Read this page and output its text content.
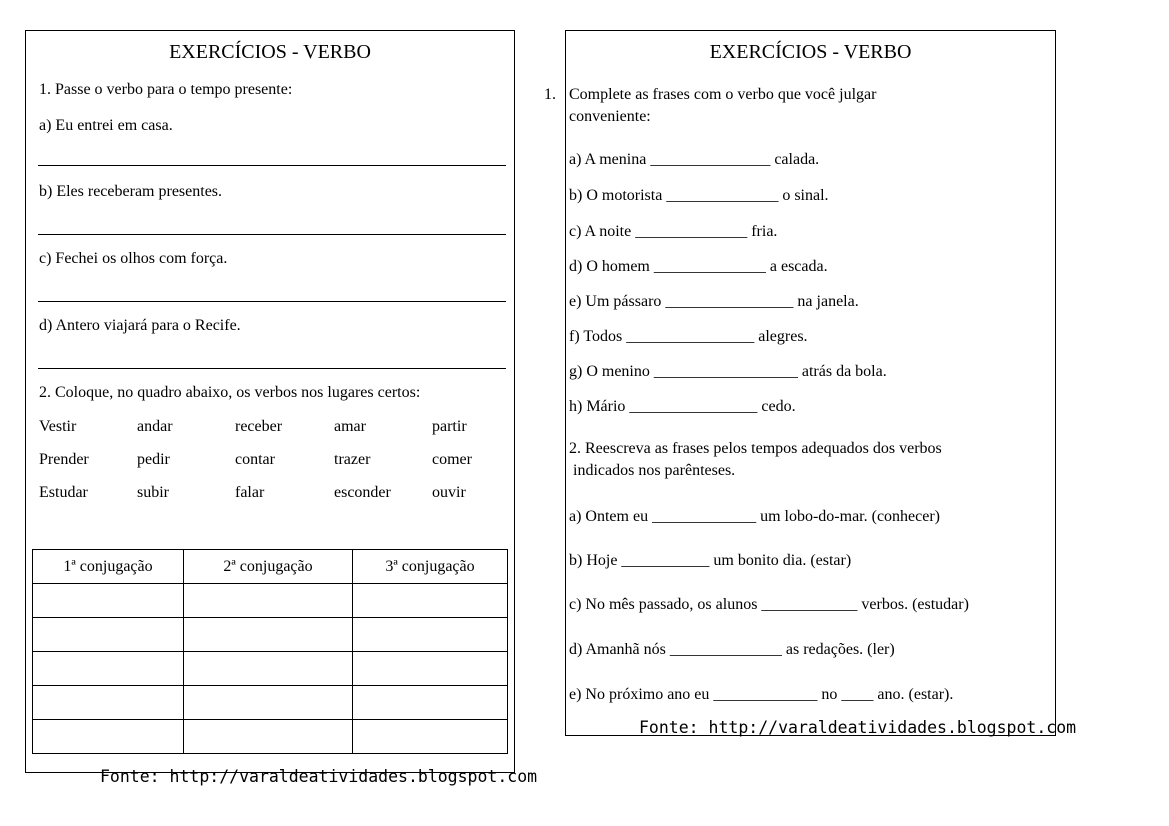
EXERCÍCIOS - VERBO
1. Passe o verbo para o tempo presente:
a) Eu entrei em casa.
b) Eles receberam presentes.
c) Fechei os olhos com força.
d) Antero viajará para o Recife.
2. Coloque, no quadro abaixo, os verbos nos lugares certos:
Vestir	andar	receber	amar	partir
Prender	pedir	contar	trazer	comer
Estudar	subir	falar	esconder	ouvir
1ª conjugação	2ª conjugação	3ª conjugação

Fonte: http://varaldeatividades.blogspot.com
EXERCÍCIOS - VERBO
1. Complete as frases com o verbo que você julgar
conveniente:
a) A menina _______________ calada.
b) O motorista ______________ o sinal.
c) A noite ______________ fria.
d) O homem ______________ a escada.
e) Um pássaro ________________ na janela.
f) Todos ________________ alegres.
g) O menino __________________ atrás da bola.
h) Mário ________________ cedo.
2. Reescreva as frases pelos tempos adequados dos verbos
indicados nos parênteses.
a) Ontem eu _____________ um lobo-do-mar. (conhecer)
b) Hoje ___________ um bonito dia. (estar)
c) No mês passado, os alunos ____________ verbos. (estudar)
d) Amanhã nós ______________ as redações. (ler)
e) No próximo ano eu _____________ no ____ ano. (estar).
Fonte: http://varaldeatividades.blogspot.com
